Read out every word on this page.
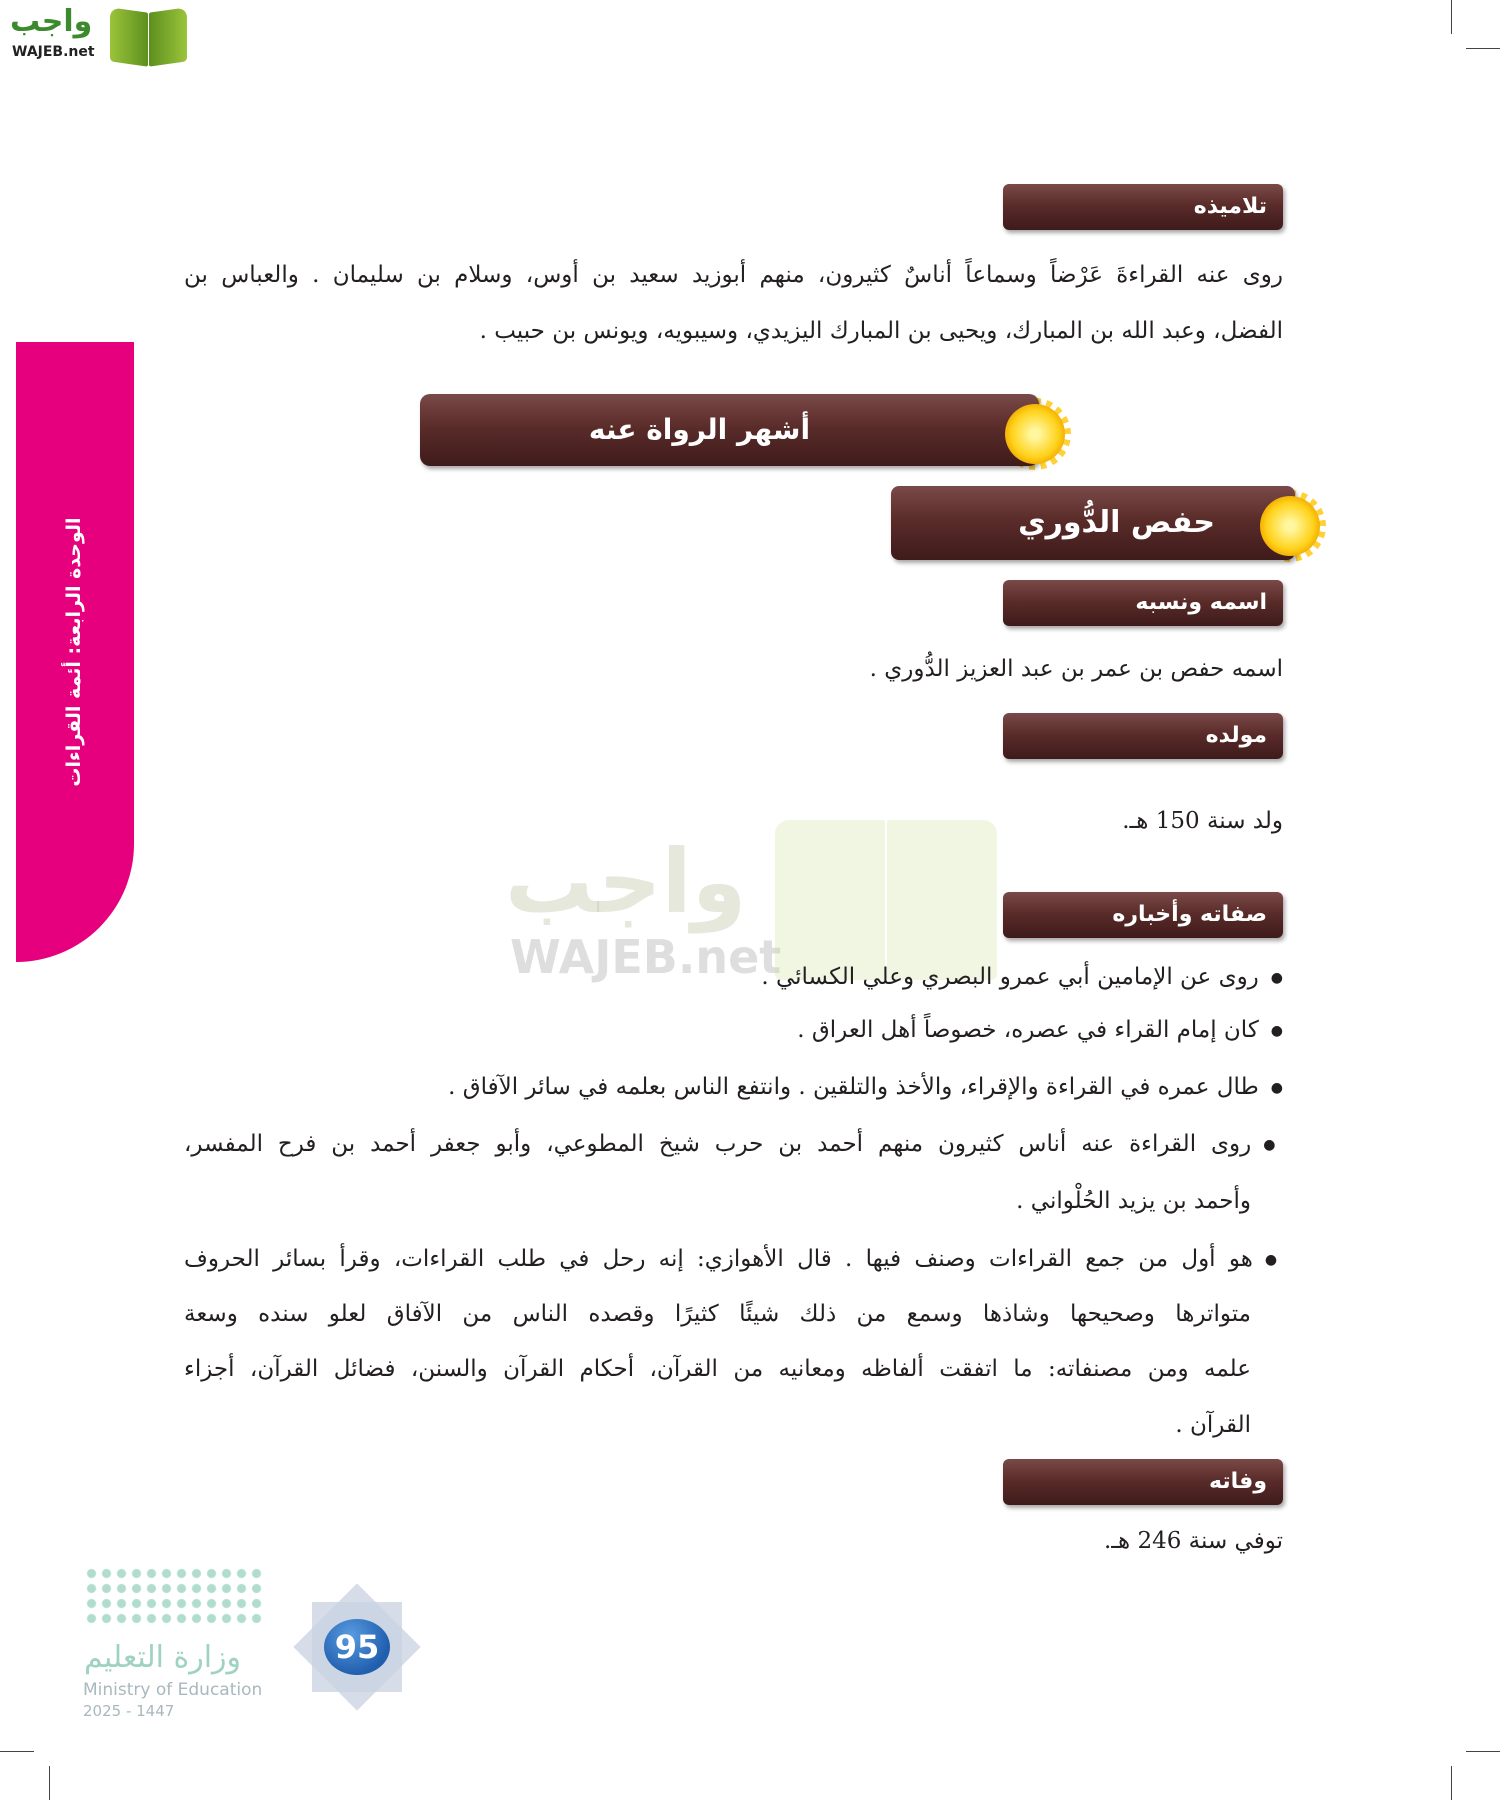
واجب
WAJEB.net
الوحدة الرابعة: أئمة القراءات
واجب
WAJEB.net
تلاميذه
روى عنه القراءةَ عَرْضاً وسماعاً أناسٌ كثيرون، منهم أبوزيد سعيد بن أوس، وسلام بن سليمان . والعباس بن
الفضل، وعبد الله بن المبارك، ويحيى بن المبارك اليزيدي، وسيبويه، ويونس بن حبيب .
أشهر الرواة عنه
حفص الدُّوري
اسمه ونسبه
اسمه حفص بن عمر بن عبد العزيز الدُّوري .
مولده
ولد سنة 150 هـ.
صفاته وأخباره
● روى عن الإمامين أبي عمرو البصري وعلي الكسائي .
● كان إمام القراء في عصره، خصوصاً أهل العراق .
● طال عمره في القراءة والإقراء، والأخذ والتلقين . وانتفع الناس بعلمه في سائر الآفاق .
● روى القراءة عنه أناس كثيرون منهم أحمد بن حرب شيخ المطوعي، وأبو جعفر أحمد بن فرح المفسر،
وأحمد بن يزيد الحُلْواني .
● هو أول من جمع القراءات وصنف فيها . قال الأهوازي: إنه رحل في طلب القراءات، وقرأ بسائر الحروف
متواترها وصحيحها وشاذها وسمع من ذلك شيئًا كثيرًا وقصده الناس من الآفاق لعلو سنده وسعة
علمه ومن مصنفاته: ما اتفقت ألفاظه ومعانيه من القرآن، أحكام القرآن والسنن، فضائل القرآن، أجزاء
القرآن .
وفاته
توفي سنة 246 هـ.
وزارة التعليم
Ministry of Education
2025 - 1447
95
